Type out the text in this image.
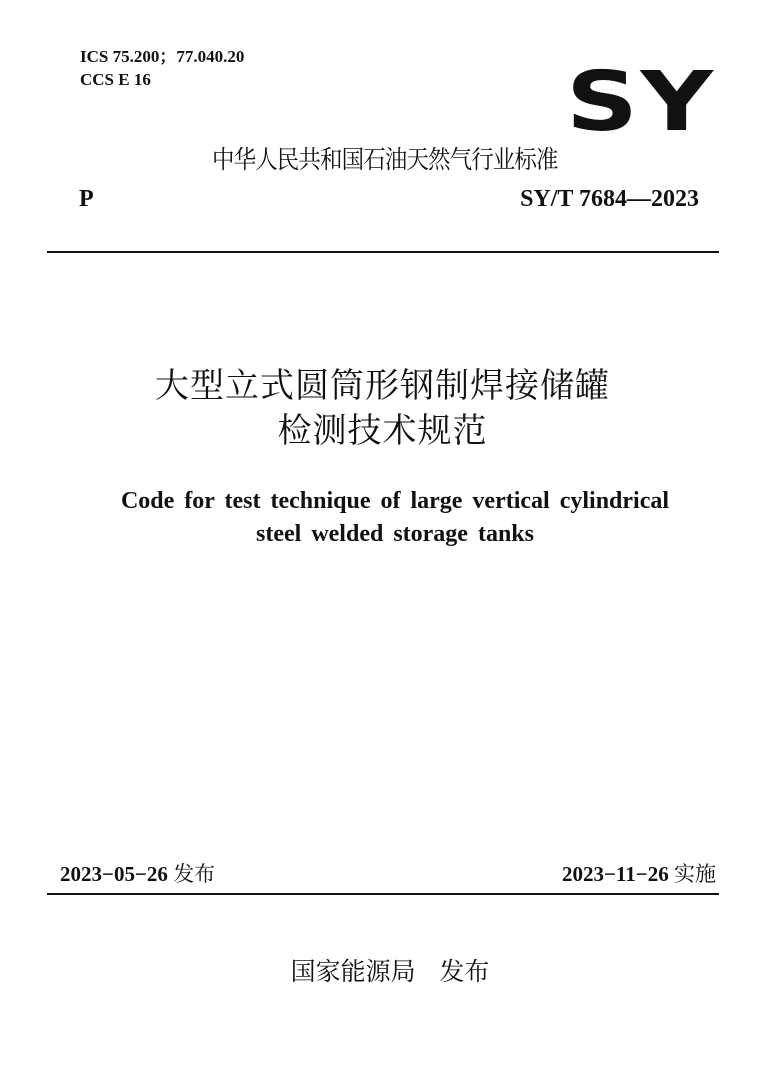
ICS 75.200；77.040.20
CCS E 16	SY
中华人民共和国石油天然气行业标准
P	SY/T 7684—2023
大型立式圆筒形钢制焊接储罐
检测技术规范
Code for test technique of large vertical cylindrical
steel welded storage tanks
2023−05−26 发布	2023−11−26 实施
国家能源局 发布
